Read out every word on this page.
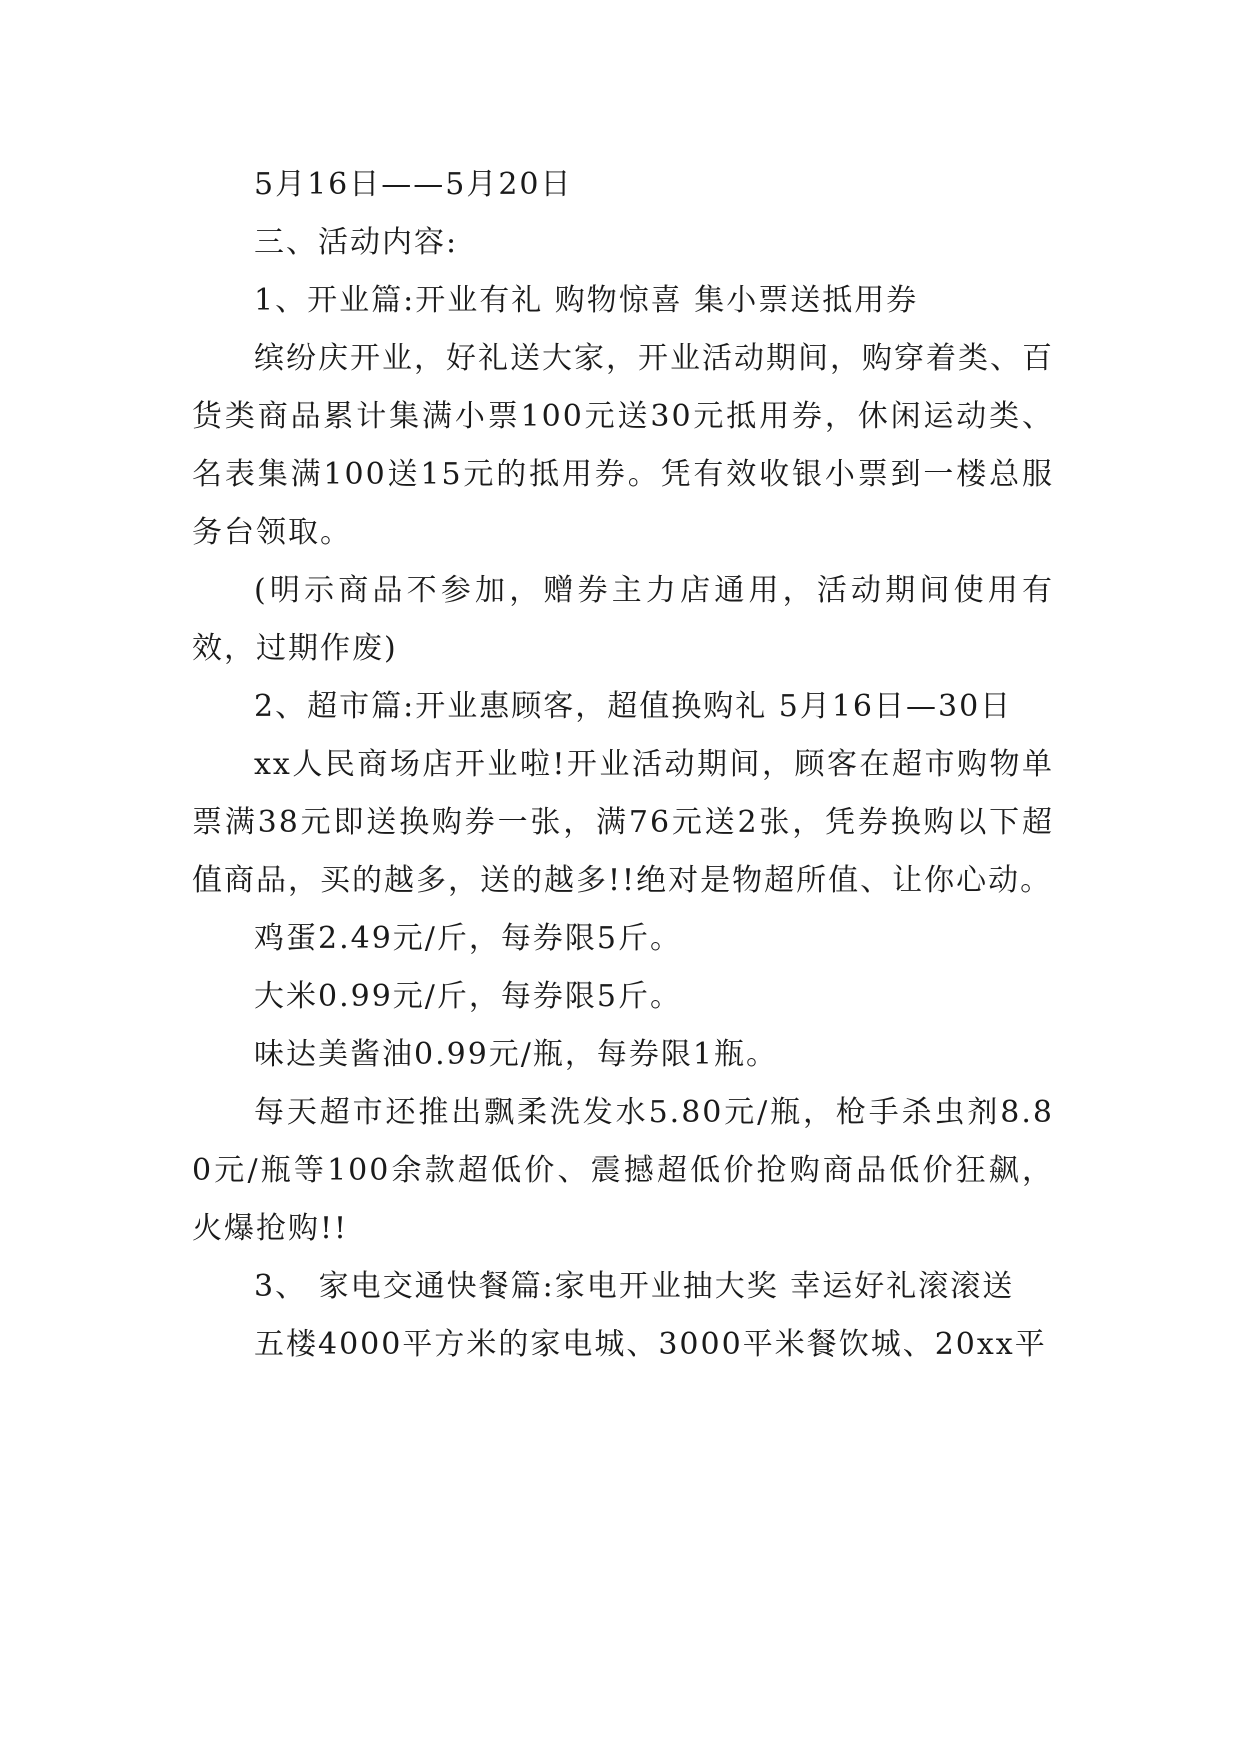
5月16日——5月20日

三、活动内容:

1、开业篇:开业有礼 购物惊喜 集小票送抵用券

缤纷庆开业，好礼送大家，开业活动期间，购穿着类、百货类商品累计集满小票100元送30元抵用券，休闲运动类、名表集满100送15元的抵用券。凭有效收银小票到一楼总服务台领取。

(明示商品不参加，赠券主力店通用，活动期间使用有效，过期作废)

2、超市篇:开业惠顾客，超值换购礼 5月16日—30日

xx人民商场店开业啦!开业活动期间，顾客在超市购物单票满38元即送换购券一张，满76元送2张，凭券换购以下超值商品，买的越多，送的越多!!绝对是物超所值、让你心动。

鸡蛋2.49元/斤，每券限5斤。

大米0.99元/斤，每券限5斤。

味达美酱油0.99元/瓶，每券限1瓶。

每天超市还推出飘柔洗发水5.80元/瓶，枪手杀虫剂8.80元/瓶等100余款超低价、震撼超低价抢购商品低价狂飙，火爆抢购!!

3、 家电交通快餐篇:家电开业抽大奖 幸运好礼滚滚送

五楼4000平方米的家电城、3000平米餐饮城、20xx平
